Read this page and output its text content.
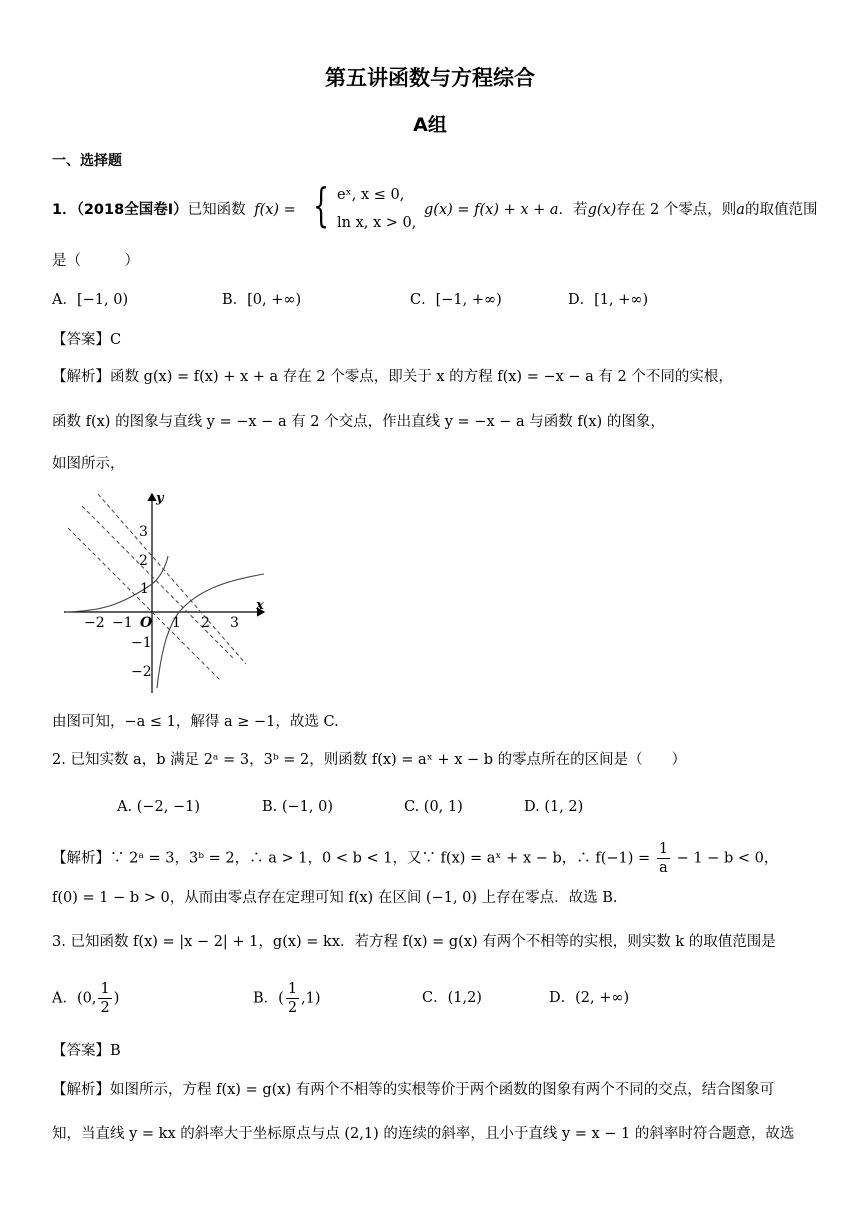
第五讲函数与方程综合
A组
一、选择题
1．（2018全国卷Ⅰ）已知函数 f(x) = { eˣ, x ≤ 0,
ln x, x > 0,
g(x) = f(x) + x + a．若g(x)存在 2 个零点，则a的取值范围
是（　　　）
A．[−1, 0)	B．[0, +∞)	C．[−1, +∞)	D．[1, +∞)
【答案】C
【解析】函数 g(x) = f(x) + x + a 存在 2 个零点，即关于 x 的方程 f(x) = −x − a 有 2 个不同的实根，
函数 f(x) 的图象与直线 y = −x − a 有 2 个交点，作出直线 y = −x − a 与函数 f(x) 的图象，
如图所示，
x
y
O
−2 −1	1 2 3
3
2
1
−1
−2
由图可知，−a ≤ 1，解得 a ≥ −1，故选 C.
2. 已知实数 a，b 满足 2ᵃ = 3，3ᵇ = 2，则函数 f(x) = aˣ + x − b 的零点所在的区间是（　　）
A. (−2, −1)	B. (−1, 0)	C. (0, 1)	D. (1, 2)
【解析】∵ 2ᵃ = 3，3ᵇ = 2，∴ a > 1，0 < b < 1，又∵ f(x) = aˣ + x − b，∴ $f(-1) = \frac{1}{a} - 1 - b < 0$，
f(0) = 1 − b > 0，从而由零点存在定理可知 f(x) 在区间 (−1, 0) 上存在零点．故选 B.
3. 已知函数 f(x) = |x − 2| + 1，g(x) = kx．若方程 f(x) = g(x) 有两个不相等的实根，则实数 k 的取值范围是
A．(0, $\frac{1}{2}$ )	B．( $\frac{1}{2} ,1$)	C．(1,2)	D．(2, +∞)
【答案】B
【解析】如图所示，方程 f(x) = g(x) 有两个不相等的实根等价于两个函数的图象有两个不同的交点，结合图象可
知，当直线 y = kx 的斜率大于坐标原点与点 (2,1) 的连续的斜率，且小于直线 y = x − 1 的斜率时符合题意，故选
